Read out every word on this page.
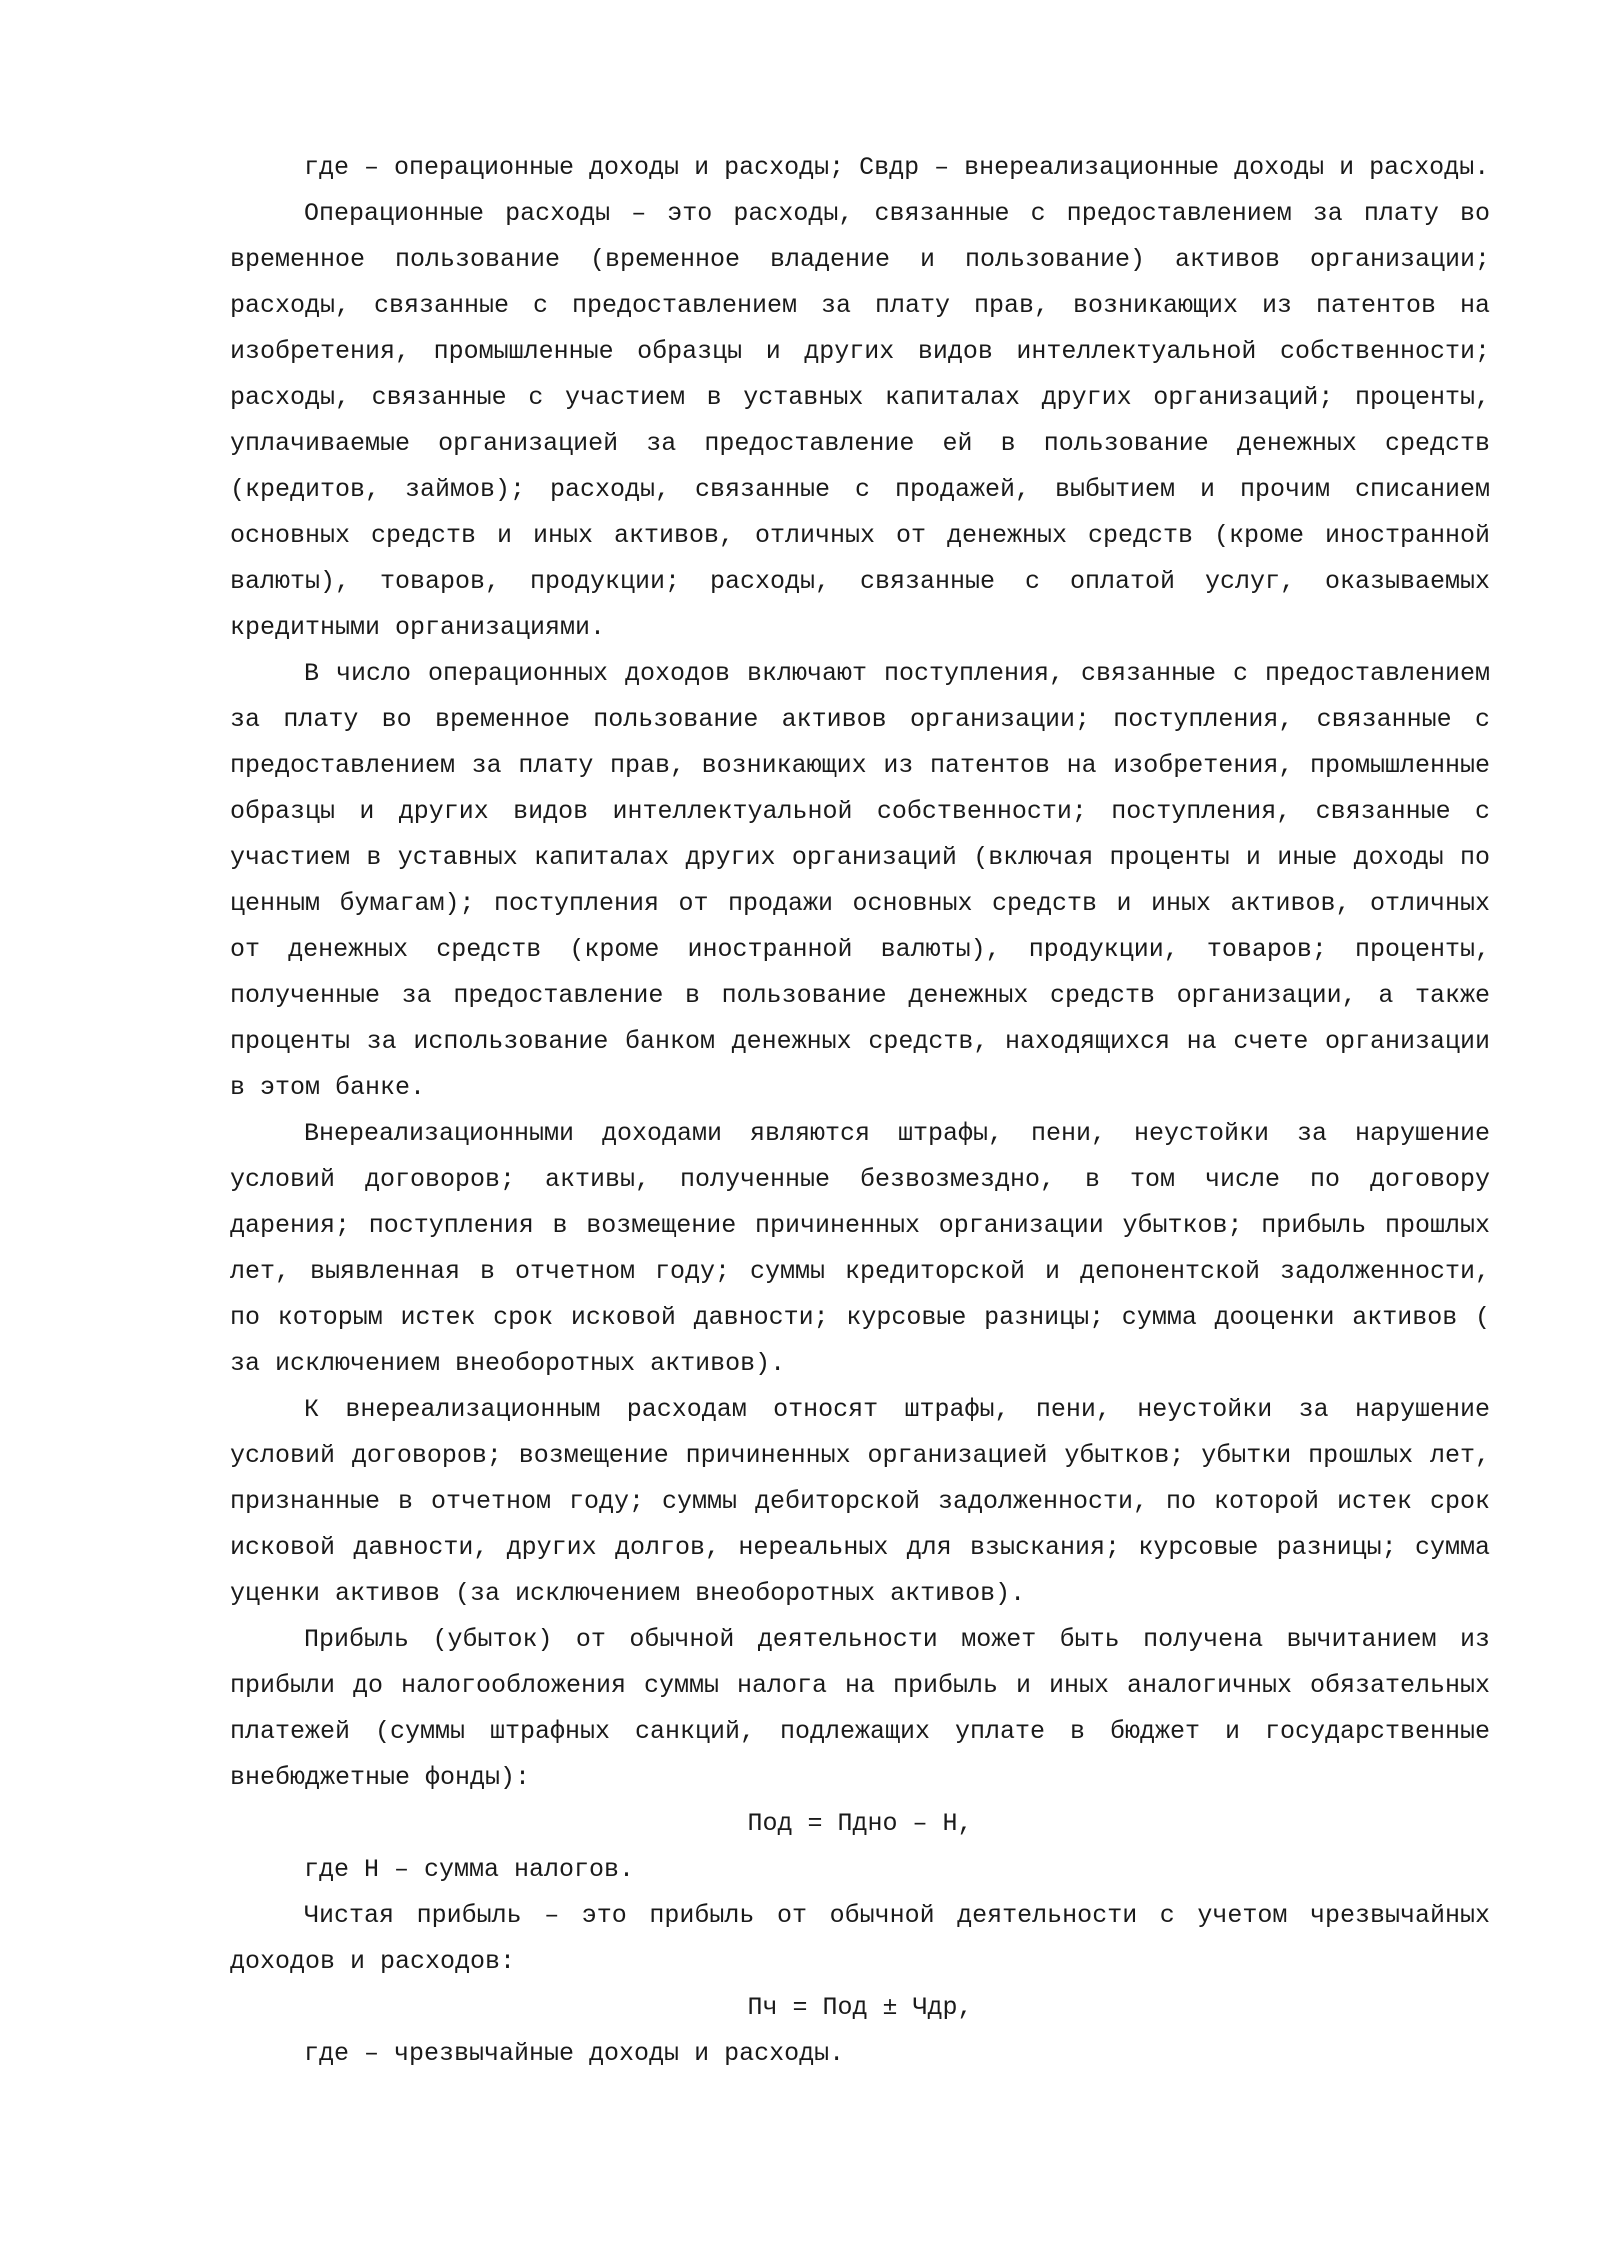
где – операционные доходы и расходы; Свдр – внереализационные доходы и расходы.

Операционные расходы – это расходы, связанные с предоставлением за плату во временное пользование (временное владение и пользование) активов организации; расходы, связанные с предоставлением за плату прав, возникающих из патентов на изобретения, промышленные образцы и других видов интеллектуальной собственности; расходы, связанные с участием в уставных капиталах других организаций; проценты, уплачиваемые организацией за предоставление ей в пользование денежных средств (кредитов, займов); расходы, связанные с продажей, выбытием и прочим списанием основных средств и иных активов, отличных от денежных средств (кроме иностранной валюты), товаров, продукции; расходы, связанные с оплатой услуг, оказываемых кредитными организациями.

В число операционных доходов включают поступления, связанные с предоставлением за плату во временное пользование активов организации; поступления, связанные с предоставлением за плату прав, возникающих из патентов на изобретения, промышленные образцы и других видов интеллектуальной собственности; поступления, связанные с участием в уставных капиталах других организаций (включая проценты и иные доходы по ценным бумагам); поступления от продажи основных средств и иных активов, отличных от денежных средств (кроме иностранной валюты), продукции, товаров; проценты, полученные за предоставление в пользование денежных средств организации, а также проценты за использование банком денежных средств, находящихся на счете организации в этом банке.

Внереализационными доходами являются штрафы, пени, неустойки за нарушение условий договоров; активы, полученные безвозмездно, в том числе по договору дарения; поступления в возмещение причиненных организации убытков; прибыль прошлых лет, выявленная в отчетном году; суммы кредиторской и депонентской задолженности, по которым истек срок исковой давности; курсовые разницы; сумма дооценки активов ( за исключением внеоборотных активов).

К внереализационным расходам относят штрафы, пени, неустойки за нарушение условий договоров; возмещение причиненных организацией убытков; убытки прошлых лет, признанные в отчетном году; суммы дебиторской задолженности, по которой истек срок исковой давности, других долгов, нереальных для взыскания; курсовые разницы; сумма уценки активов (за исключением внеоборотных активов).

Прибыль (убыток) от обычной деятельности может быть получена вычитанием из прибыли до налогообложения суммы налога на прибыль и иных аналогичных обязательных платежей (суммы штрафных санкций, подлежащих уплате в бюджет и государственные внебюджетные фонды):

Под = Пдно – Н,

где Н – сумма налогов.

Чистая прибыль – это прибыль от обычной деятельности с учетом чрезвычайных доходов и расходов:

Пч = Под ± Чдр,

где – чрезвычайные доходы и расходы.
